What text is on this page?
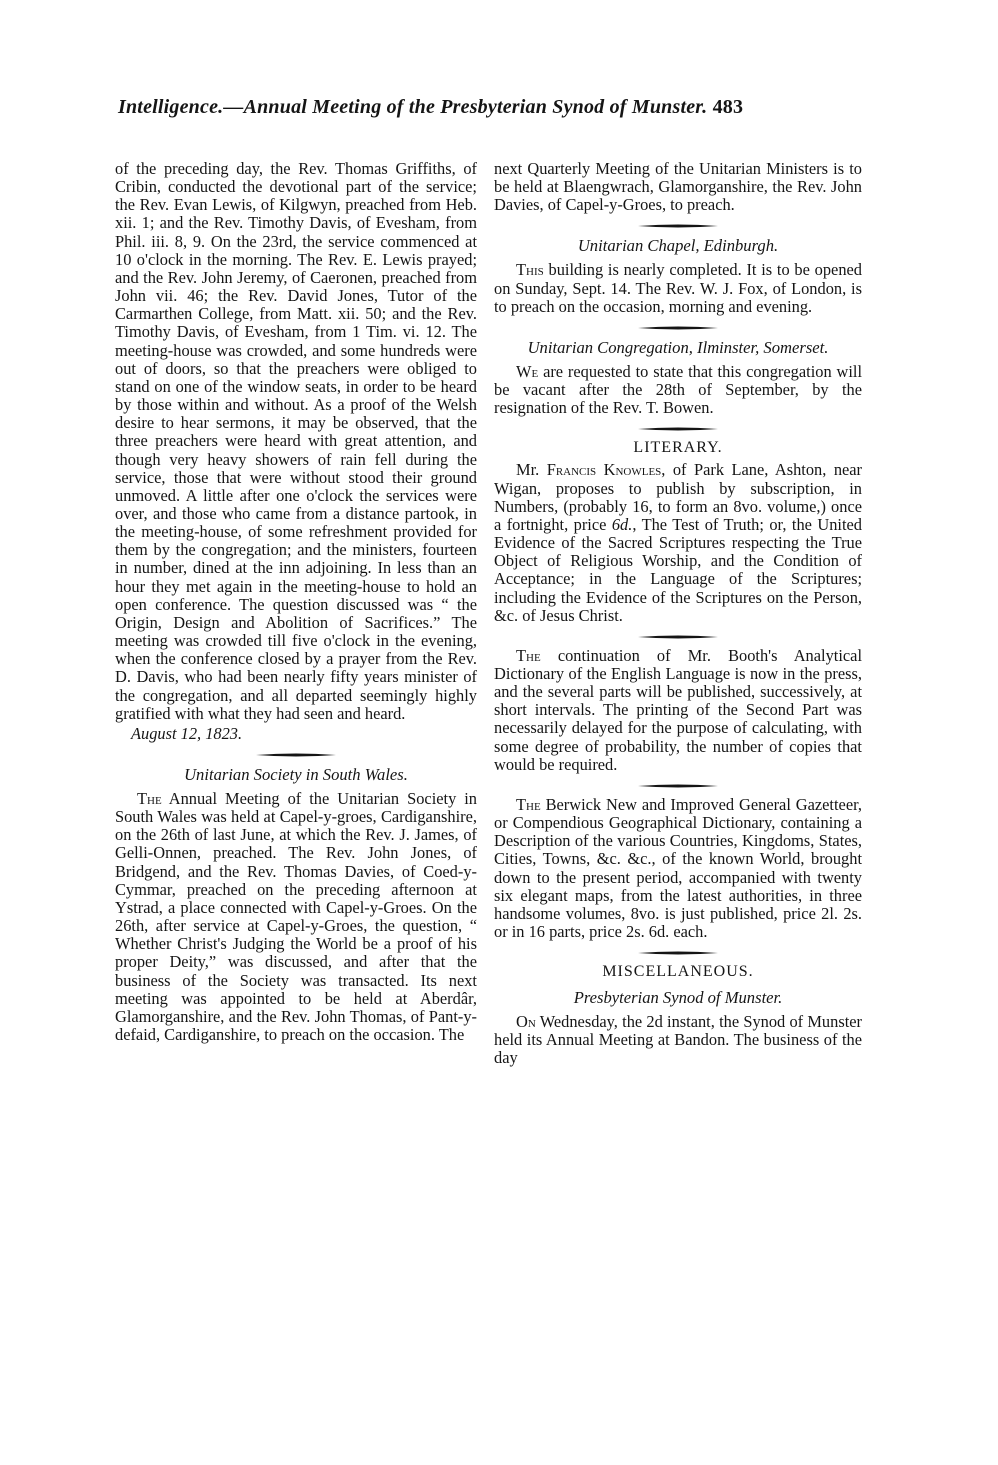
Intelligence.—Annual Meeting of the Presbyterian Synod of Munster. 483

of the preceding day, the Rev. Thomas Griffiths, of Cribin, conducted the devotional part of the service; the Rev. Evan Lewis, of Kilgwyn, preached from Heb. xii. 1; and the Rev. Timothy Davis, of Evesham, from Phil. iii. 8, 9. On the 23rd, the service commenced at 10 o'clock in the morning. The Rev. E. Lewis prayed; and the Rev. John Jeremy, of Caeronen, preached from John vii. 46; the Rev. David Jones, Tutor of the Carmarthen College, from Matt. xii. 50; and the Rev. Timothy Davis, of Evesham, from 1 Tim. vi. 12. The meeting-house was crowded, and some hundreds were out of doors, so that the preachers were obliged to stand on one of the window seats, in order to be heard by those within and without. As a proof of the Welsh desire to hear sermons, it may be observed, that the three preachers were heard with great attention, and though very heavy showers of rain fell during the service, those that were without stood their ground unmoved. A little after one o'clock the services were over, and those who came from a distance partook, in the meeting-house, of some refreshment provided for them by the congregation; and the ministers, fourteen in number, dined at the inn adjoining. In less than an hour they met again in the meeting-house to hold an open conference. The question discussed was “ the Origin, Design and Abolition of Sacrifices.” The meeting was crowded till five o'clock in the evening, when the conference closed by a prayer from the Rev. D. Davis, who had been nearly fifty years minister of the congregation, and all departed seemingly highly gratified with what they had seen and heard.

August 12, 1823.

Unitarian Society in South Wales.

The Annual Meeting of the Unitarian Society in South Wales was held at Capel-y-groes, Cardiganshire, on the 26th of last June, at which the Rev. J. James, of Gelli-Onnen, preached. The Rev. John Jones, of Bridgend, and the Rev. Thomas Davies, of Coed-y-Cymmar, preached on the preceding afternoon at Ystrad, a place connected with Capel-y-Groes. On the 26th, after service at Capel-y-Groes, the question, “ Whether Christ's Judging the World be a proof of his proper Deity,” was discussed, and after that the business of the Society was transacted. Its next meeting was appointed to be held at Aberdâr, Glamorganshire, and the Rev. John Thomas, of Pant-y-defaid, Cardiganshire, to preach on the occasion. The

next Quarterly Meeting of the Unitarian Ministers is to be held at Blaengwrach, Glamorganshire, the Rev. John Davies, of Capel-y-Groes, to preach.

Unitarian Chapel, Edinburgh.

This building is nearly completed. It is to be opened on Sunday, Sept. 14. The Rev. W. J. Fox, of London, is to preach on the occasion, morning and evening.

Unitarian Congregation, Ilminster, Somerset.

We are requested to state that this congregation will be vacant after the 28th of September, by the resignation of the Rev. T. Bowen.

LITERARY.

Mr. Francis Knowles, of Park Lane, Ashton, near Wigan, proposes to publish by subscription, in Numbers, (probably 16, to form an 8vo. volume,) once a fortnight, price 6d., The Test of Truth; or, the United Evidence of the Sacred Scriptures respecting the True Object of Religious Worship, and the Condition of Acceptance; in the Language of the Scriptures; including the Evidence of the Scriptures on the Person, &c. of Jesus Christ.

The continuation of Mr. Booth's Analytical Dictionary of the English Language is now in the press, and the several parts will be published, successively, at short intervals. The printing of the Second Part was necessarily delayed for the purpose of calculating, with some degree of probability, the number of copies that would be required.

The Berwick New and Improved General Gazetteer, or Compendious Geographical Dictionary, containing a Description of the various Countries, Kingdoms, States, Cities, Towns, &c. &c., of the known World, brought down to the present period, accompanied with twenty six elegant maps, from the latest authorities, in three handsome volumes, 8vo. is just published, price 2l. 2s. or in 16 parts, price 2s. 6d. each.

MISCELLANEOUS.
Presbyterian Synod of Munster.

On Wednesday, the 2d instant, the Synod of Munster held its Annual Meeting at Bandon. The business of the day
